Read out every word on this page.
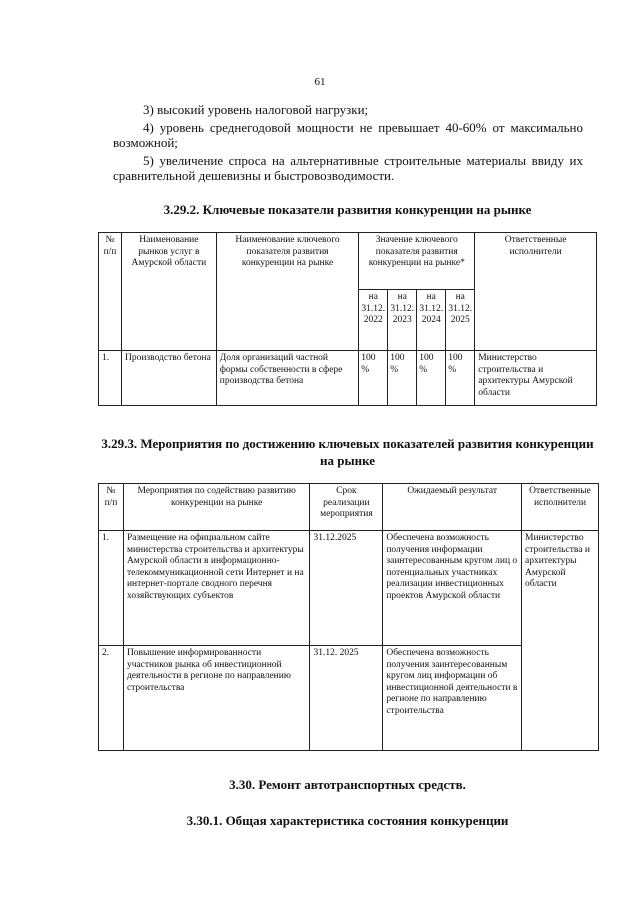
61
3) высокий уровень налоговой нагрузки;
4) уровень среднегодовой мощности не превышает 40-60% от максимально возможной;
5) увеличение спроса на альтернативные строительные материалы ввиду их сравнительной дешевизны и быстровозводимости.
3.29.2. Ключевые показатели развития конкуренции на рынке
№ п/п	Наименование рынков услуг в Амурской области	Наименование ключевого показателя развития конкуренции на рынке	Значение ключевого показателя развития конкуренции на рынке*				Ответственные исполнители
			на 31.12. 2022	на 31.12. 2023	на 31.12. 2024	на 31.12. 2025	
1.	Производство бетона	Доля организаций частной формы собственности в сфере производства бетона	100 %	100 %	100 %	100 %	Министерство строительства и архитектуры Амурской области
3.29.3. Мероприятия по достижению ключевых показателей развития конкуренции на рынке
№ п/п	Мероприятия по содействию развитию конкуренции на рынке	Срок реализации мероприятия	Ожидаемый результат	Ответственные исполнители
1.	Размещение на официальном сайте министерства строительства и архитектуры Амурской области в информационно-телекоммуникационной сети Интернет и на интернет-портале сводного перечня хозяйствующих субъектов	31.12.2025	Обеспечена возможность получения информации заинтересованным кругом лиц о потенциальных участниках реализации инвестиционных проектов Амурской области	Министерство строительства и архитектуры Амурской области
2.	Повышение информированности участников рынка об инвестиционной деятельности в регионе по направлению строительства	31.12. 2025	Обеспечена возможность получения заинтересованным кругом лиц информации об инвестиционной деятельности в регионе по направлению строительства	
3.30. Ремонт автотранспортных средств.
3.30.1. Общая характеристика состояния конкуренции
